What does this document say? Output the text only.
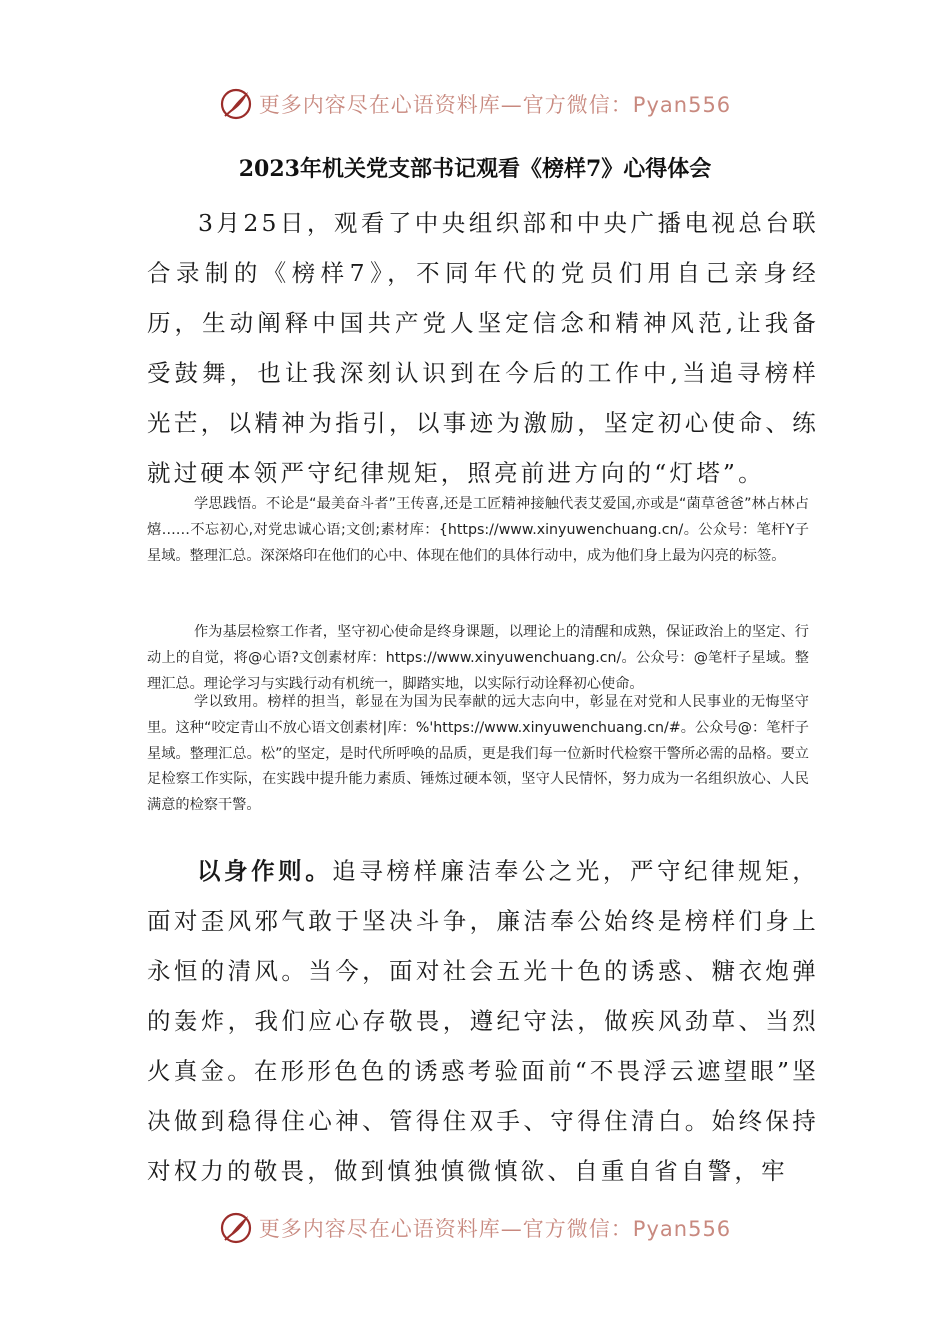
更多内容尽在心语资料库—官方微信：Pyan556
2023年机关党支部书记观看《榜样7》心得体会

3月25日，观看了中央组织部和中央广播电视总台联合录制的《榜样7》，不同年代的党员们用自己亲身经历，生动阐释中国共产党人坚定信念和精神风范,让我备受鼓舞，也让我深刻认识到在今后的工作中,当追寻榜样光芒，以精神为指引，以事迹为激励，坚定初心使命、练就过硬本领严守纪律规矩，照亮前进方向的“灯塔”。

学思践悟。不论是“最美奋斗者”王传喜,还是工匠精神接触代表艾爱国,亦或是“菌草爸爸”林占林占熺……不忘初心,对党忠诚心语;文创;素材库：{https://www.xinyuwenchuang.cn/。公众号：笔杆Y子星域。整理汇总。深深烙印在他们的心中、体现在他们的具体行动中，成为他们身上最为闪亮的标签。

作为基层检察工作者，坚守初心使命是终身课题，以理论上的清醒和成熟，保证政治上的坚定、行动上的自觉，将@心语?文创素材库：https://www.xinyuwenchuang.cn/。公众号：@笔杆子星域。整理汇总。理论学习与实践行动有机统一，脚踏实地，以实际行动诠释初心使命。

学以致用。榜样的担当，彰显在为国为民奉献的远大志向中，彰显在对党和人民事业的无悔坚守里。这种“咬定青山不放心语文创素材|库：%'https://www.xinyuwenchuang.cn/#。公众号@：笔杆子星域。整理汇总。松”的坚定，是时代所呼唤的品质，更是我们每一位新时代检察干警所必需的品格。要立足检察工作实际，在实践中提升能力素质、锤炼过硬本领，坚守人民情怀，努力成为一名组织放心、人民满意的检察干警。

以身作则。追寻榜样廉洁奉公之光，严守纪律规矩，面对歪风邪气敢于坚决斗争，廉洁奉公始终是榜样们身上永恒的清风。当今，面对社会五光十色的诱惑、糖衣炮弹的轰炸，我们应心存敬畏，遵纪守法，做疾风劲草、当烈火真金。在形形色色的诱惑考验面前“不畏浮云遮望眼”坚决做到稳得住心神、管得住双手、守得住清白。始终保持对权力的敬畏，做到慎独慎微慎欲、自重自省自警，牢

更多内容尽在心语资料库—官方微信：Pyan556
